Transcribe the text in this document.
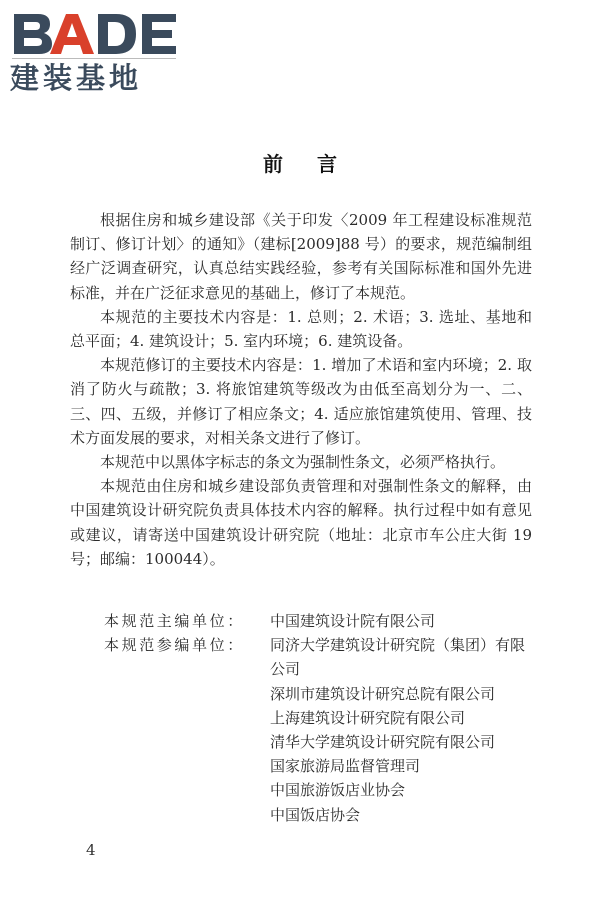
建装基地
前言

根据住房和城乡建设部《关于印发〈2009 年工程建设标准规范制订、修订计划〉的通知》（建标[2009]88 号）的要求，规范编制组经广泛调查研究，认真总结实践经验，参考有关国际标准和国外先进标准，并在广泛征求意见的基础上，修订了本规范。

本规范的主要技术内容是：1. 总则；2. 术语；3. 选址、基地和总平面；4. 建筑设计；5. 室内环境；6. 建筑设备。

本规范修订的主要技术内容是：1. 增加了术语和室内环境；2. 取消了防火与疏散；3. 将旅馆建筑等级改为由低至高划分为一、二、三、四、五级，并修订了相应条文；4. 适应旅馆建筑使用、管理、技术方面发展的要求，对相关条文进行了修订。

本规范中以黑体字标志的条文为强制性条文，必须严格执行。

本规范由住房和城乡建设部负责管理和对强制性条文的解释，由中国建筑设计研究院负责具体技术内容的解释。执行过程中如有意见或建议，请寄送中国建筑设计研究院（地址：北京市车公庄大街 19 号；邮编：100044）。

本规范主编单位：	中国建筑设计院有限公司
本规范参编单位：	同济大学建筑设计研究院（集团）有限公司
深圳市建筑设计研究总院有限公司
上海建筑设计研究院有限公司
清华大学建筑设计研究院有限公司
国家旅游局监督管理司
中国旅游饭店业协会
中国饭店协会
4
